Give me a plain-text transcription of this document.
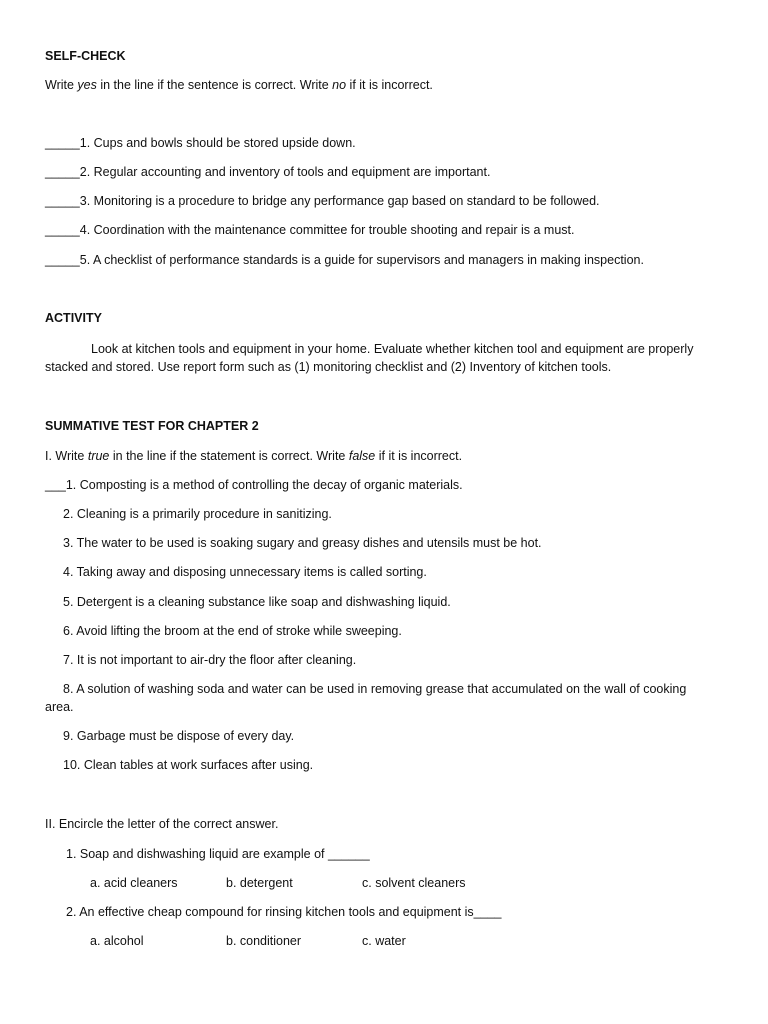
SELF-CHECK
Write yes in the line if the sentence is correct. Write no if it is incorrect.
_____1. Cups and bowls should be stored upside down.
_____2. Regular accounting and inventory of tools and equipment are important.
_____3. Monitoring is a procedure to bridge any performance gap based on standard to be followed.
_____4. Coordination with the maintenance committee for trouble shooting and repair is a must.
_____5. A checklist of performance standards is a guide for supervisors and managers in making inspection.
ACTIVITY
Look at kitchen tools and equipment in your home. Evaluate whether kitchen tool and equipment are properly
stacked and stored. Use report form such as (1) monitoring checklist and (2) Inventory of kitchen tools.
SUMMATIVE TEST FOR CHAPTER 2
I. Write true in the line if the statement is correct. Write false if it is incorrect.
___1. Composting is a method of controlling the decay of organic materials.
2. Cleaning is a primarily procedure in sanitizing.
3. The water to be used is soaking sugary and greasy dishes and utensils must be hot.
4. Taking away and disposing unnecessary items is called sorting.
5. Detergent is a cleaning substance like soap and dishwashing liquid.
6. Avoid lifting the broom at the end of stroke while sweeping.
7. It is not important to air-dry the floor after cleaning.
8. A solution of washing soda and water can be used in removing grease that accumulated on the wall of cooking
area.
9. Garbage must be dispose of every day.
10. Clean tables at work surfaces after using.
II. Encircle the letter of the correct answer.
1. Soap and dishwashing liquid are example of ______
a. acid cleaners	b. detergent	c. solvent cleaners
2. An effective cheap compound for rinsing kitchen tools and equipment is____
a. alcohol	b. conditioner	c. water
